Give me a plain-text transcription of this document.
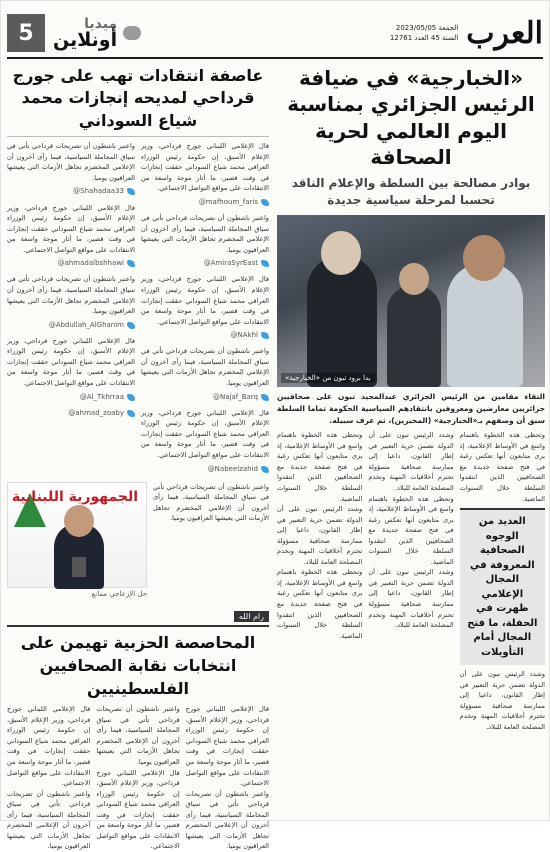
5	ميديا
أونلاين
الجمعة 2023/05/05
السنة 45 العدد 12761 العرب
«الخبارجية» في ضيافة الرئيس الجزائري بمناسبة اليوم العالمي لحرية الصحافة
بوادر مصالحة بين السلطة والإعلام الناقد تحسبا لمرحلة سياسية جديدة
بدا برود تبون من «الخبارجية»
التقاء مقامين من الرئيس الجزائري عبدالمجيد تبون على صحافيين جزائريين معارضين ومعروفين بانتقادهم السياسية الحكومة تماما السلطة سبق أن وصفهم بـ«الخبارجية» (المخبرين)، ثم عرف سبيله.
وتحظى هذه الخطوة باهتمام واسع في الأوساط الإعلامية، إذ يرى متابعون أنها تعكس رغبة في فتح صفحة جديدة مع الصحافيين الذين انتقدوا السلطة خلال السنوات الماضية.
العديد من الوجوه الصحافية المعروفة في المجال الإعلامي ظهرت في الحفلة، ما فتح المجال أمام التأويلات
وشدد الرئيس تبون على أن الدولة تضمن حرية التعبير في إطار القانون، داعيا إلى ممارسة صحافية مسؤولة تحترم أخلاقيات المهنة وتخدم المصلحة العامة للبلاد.
وشدد الرئيس تبون على أن الدولة تضمن حرية التعبير في إطار القانون، داعيا إلى ممارسة صحافية مسؤولة تحترم أخلاقيات المهنة وتخدم المصلحة العامة للبلاد.
وتحظى هذه الخطوة باهتمام واسع في الأوساط الإعلامية، إذ يرى متابعون أنها تعكس رغبة في فتح صفحة جديدة مع الصحافيين الذين انتقدوا السلطة خلال السنوات الماضية.
وشدد الرئيس تبون على أن الدولة تضمن حرية التعبير في إطار القانون، داعيا إلى ممارسة صحافية مسؤولة تحترم أخلاقيات المهنة وتخدم المصلحة العامة للبلاد.
وتحظى هذه الخطوة باهتمام واسع في الأوساط الإعلامية، إذ يرى متابعون أنها تعكس رغبة في فتح صفحة جديدة مع الصحافيين الذين انتقدوا السلطة خلال السنوات الماضية.
وشدد الرئيس تبون على أن الدولة تضمن حرية التعبير في إطار القانون، داعيا إلى ممارسة صحافية مسؤولة تحترم أخلاقيات المهنة وتخدم المصلحة العامة للبلاد.
وتحظى هذه الخطوة باهتمام واسع في الأوساط الإعلامية، إذ يرى متابعون أنها تعكس رغبة في فتح صفحة جديدة مع الصحافيين الذين انتقدوا السلطة خلال السنوات الماضية.
عاصفة انتقادات تهب على جورج قرداحي لمديحه إنجازات محمد شياع السوداني
قال الإعلامي اللبناني جورج قرداحي، وزير الإعلام الأسبق، إن حكومة رئيس الوزراء العراقي محمد شياع السوداني حققت إنجازات في وقت قصير، ما أثار موجة واسعة من الانتقادات على مواقع التواصل الاجتماعي.
@mafhoum_faris
واعتبر ناشطون أن تصريحات قرداحي تأتي في سياق المجاملة السياسية، فيما رأى آخرون أن الإعلامي المخضرم تجاهل الأزمات التي يعيشها العراقيون يوميا.
@AmiraSyrEast
قال الإعلامي اللبناني جورج قرداحي، وزير الإعلام الأسبق، إن حكومة رئيس الوزراء العراقي محمد شياع السوداني حققت إنجازات في وقت قصير، ما أثار موجة واسعة من الانتقادات على مواقع التواصل الاجتماعي.
@NAkhl
واعتبر ناشطون أن تصريحات قرداحي تأتي في سياق المجاملة السياسية، فيما رأى آخرون أن الإعلامي المخضرم تجاهل الأزمات التي يعيشها العراقيون يوميا.
@Najaf_Barq
قال الإعلامي اللبناني جورج قرداحي، وزير الإعلام الأسبق، إن حكومة رئيس الوزراء العراقي محمد شياع السوداني حققت إنجازات في وقت قصير، ما أثار موجة واسعة من الانتقادات على مواقع التواصل الاجتماعي.
@Nabeelzahid
واعتبر ناشطون أن تصريحات قرداحي تأتي في سياق المجاملة السياسية، فيما رأى آخرون أن الإعلامي المخضرم تجاهل الأزمات التي يعيشها العراقيون يوميا.
@Shahadaa33
قال الإعلامي اللبناني جورج قرداحي، وزير الإعلام الأسبق، إن حكومة رئيس الوزراء العراقي محمد شياع السوداني حققت إنجازات في وقت قصير، ما أثار موجة واسعة من الانتقادات على مواقع التواصل الاجتماعي.
@ahmadalbshhawi
واعتبر ناشطون أن تصريحات قرداحي تأتي في سياق المجاملة السياسية، فيما رأى آخرون أن الإعلامي المخضرم تجاهل الأزمات التي يعيشها العراقيون يوميا.
@Abdullah_AlGhanim
قال الإعلامي اللبناني جورج قرداحي، وزير الإعلام الأسبق، إن حكومة رئيس الوزراء العراقي محمد شياع السوداني حققت إنجازات في وقت قصير، ما أثار موجة واسعة من الانتقادات على مواقع التواصل الاجتماعي.
@Al_Tkhrraa
@ahmad_zoaby
الجمهورية اللبنانية
حل الإزعاجي ممانع
واعتبر ناشطون أن تصريحات قرداحي تأتي في سياق المجاملة السياسية، فيما رأى آخرون أن الإعلامي المخضرم تجاهل الأزمات التي يعيشها العراقيون يوميا.
رام الله
المحاصصة الحزبية تهيمن على انتخابات نقابة الصحافيين الفلسطينيين
قال الإعلامي اللبناني جورج قرداحي، وزير الإعلام الأسبق، إن حكومة رئيس الوزراء العراقي محمد شياع السوداني حققت إنجازات في وقت قصير، ما أثار موجة واسعة من الانتقادات على مواقع التواصل الاجتماعي.
واعتبر ناشطون أن تصريحات قرداحي تأتي في سياق المجاملة السياسية، فيما رأى آخرون أن الإعلامي المخضرم تجاهل الأزمات التي يعيشها العراقيون يوميا.
واعتبر ناشطون أن تصريحات قرداحي تأتي في سياق المجاملة السياسية، فيما رأى آخرون أن الإعلامي المخضرم تجاهل الأزمات التي يعيشها العراقيون يوميا.
قال الإعلامي اللبناني جورج قرداحي، وزير الإعلام الأسبق، إن حكومة رئيس الوزراء العراقي محمد شياع السوداني حققت إنجازات في وقت قصير، ما أثار موجة واسعة من الانتقادات على مواقع التواصل الاجتماعي.
قال الإعلامي اللبناني جورج قرداحي، وزير الإعلام الأسبق، إن حكومة رئيس الوزراء العراقي محمد شياع السوداني حققت إنجازات في وقت قصير، ما أثار موجة واسعة من الانتقادات على مواقع التواصل الاجتماعي.
واعتبر ناشطون أن تصريحات قرداحي تأتي في سياق المجاملة السياسية، فيما رأى آخرون أن الإعلامي المخضرم تجاهل الأزمات التي يعيشها العراقيون يوميا.
